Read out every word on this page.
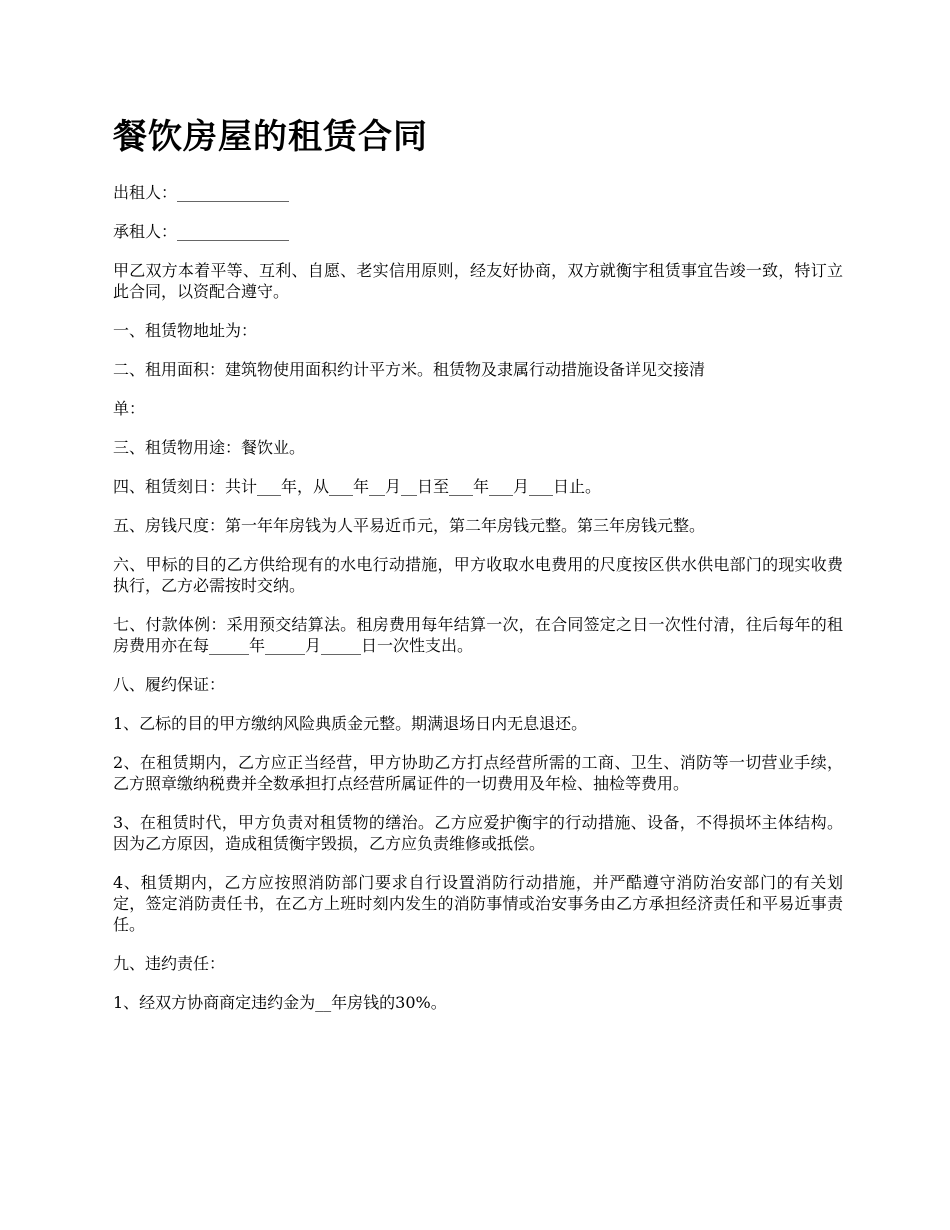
餐饮房屋的租赁合同

出租人：______________

承租人：______________

甲乙双方本着平等、互利、自愿、老实信用原则，经友好协商，双方就衡宇租赁事宜告竣一致，特订立此合同，以资配合遵守。

一、租赁物地址为：

二、租用面积：建筑物使用面积约计平方米。租赁物及隶属行动措施设备详见交接清

单：

三、租赁物用途：餐饮业。

四、租赁刻日：共计___年，从___年__月__日至___年___月___日止。

五、房钱尺度：第一年年房钱为人平易近币元，第二年房钱元整。第三年房钱元整。

六、甲标的目的乙方供给现有的水电行动措施，甲方收取水电费用的尺度按区供水供电部门的现实收费执行，乙方必需按时交纳。

七、付款体例：采用预交结算法。租房费用每年结算一次，在合同签定之日一次性付清，往后每年的租房费用亦在每_____年_____月_____日一次性支出。

八、履约保证：

1、乙标的目的甲方缴纳风险典质金元整。期满退场日内无息退还。

2、在租赁期内，乙方应正当经营，甲方协助乙方打点经营所需的工商、卫生、消防等一切营业手续，乙方照章缴纳税费并全数承担打点经营所属证件的一切费用及年检、抽检等费用。

3、在租赁时代，甲方负责对租赁物的缮治。乙方应爱护衡宇的行动措施、设备，不得损坏主体结构。因为乙方原因，造成租赁衡宇毁损，乙方应负责维修或抵偿。

4、租赁期内，乙方应按照消防部门要求自行设置消防行动措施，并严酷遵守消防治安部门的有关划定，签定消防责任书，在乙方上班时刻内发生的消防事情或治安事务由乙方承担经济责任和平易近事责任。

九、违约责任：

1、经双方协商商定违约金为__年房钱的30%。
